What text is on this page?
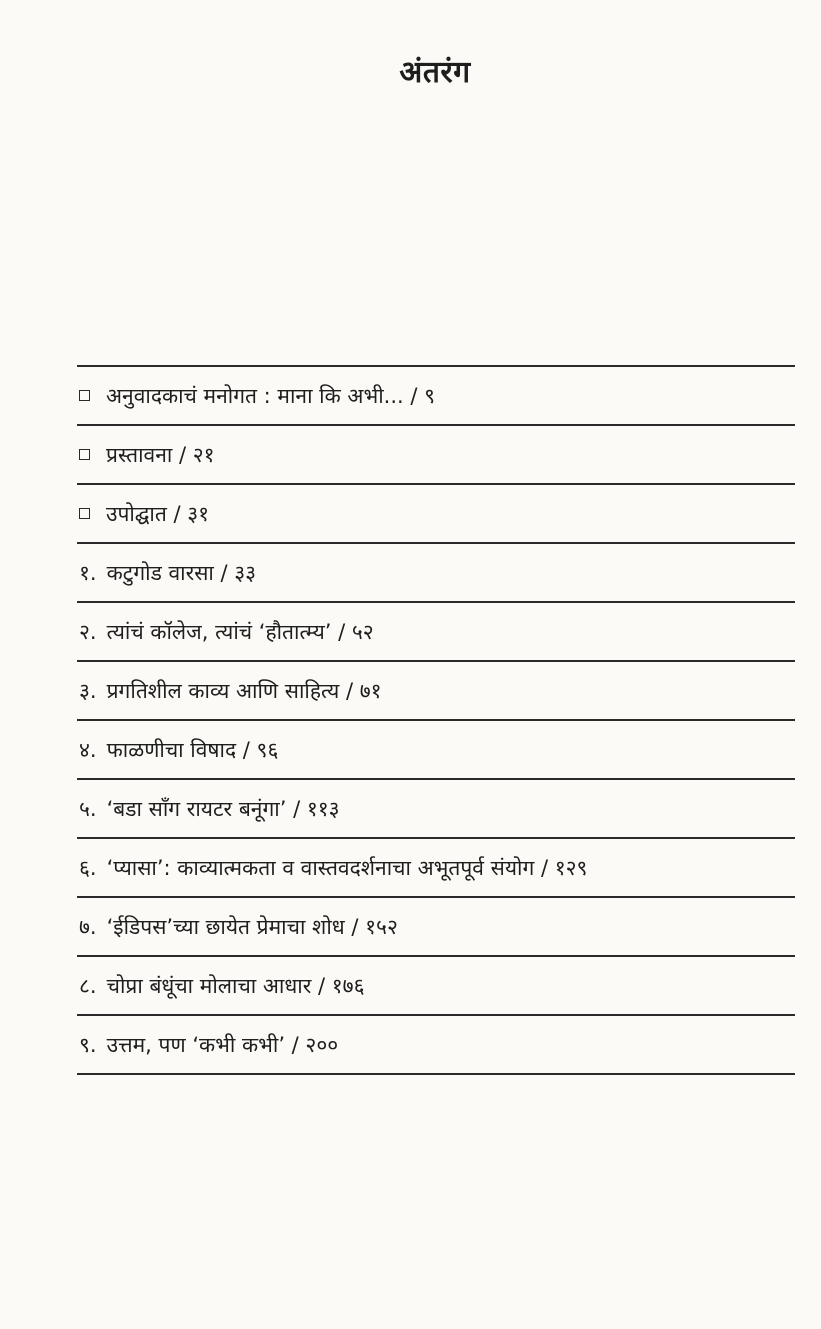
अंतरंग
अनुवादकाचं मनोगत : माना कि अभी... / ९
प्रस्तावना / २१
उपोद्घात / ३१
१. कटुगोड वारसा / ३३
२. त्यांचं कॉलेज, त्यांचं ‘हौतात्म्य’ / ५२
३. प्रगतिशील काव्य आणि साहित्य / ७१
४. फाळणीचा विषाद / ९६
५. ‘बडा साँग रायटर बनूंगा’ / ११३
६. ‘प्यासा’: काव्यात्मकता व वास्तवदर्शनाचा अभूतपूर्व संयोग / १२९
७. ‘ईडिपस’च्या छायेत प्रेमाचा शोध / १५२
८. चोप्रा बंधूंचा मोलाचा आधार / १७६
९. उत्तम, पण ‘कभी कभी’ / २००
